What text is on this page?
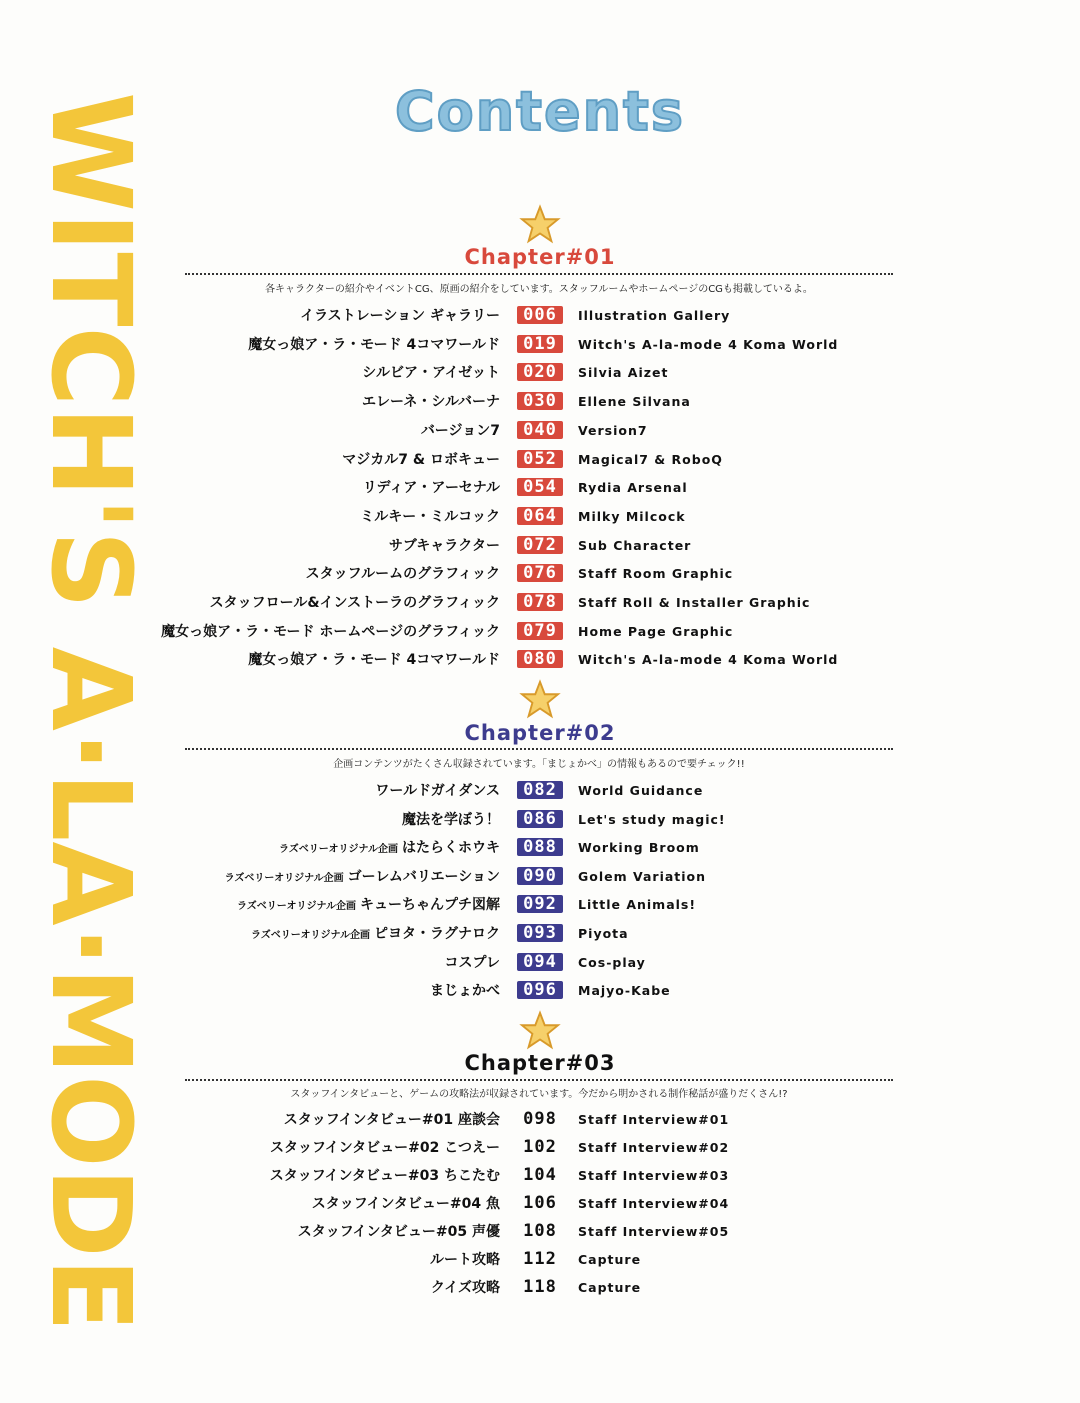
WITCH'S A·LA·MODE	Contents
Chapter#01
各キャラクターの紹介やイベントCG、原画の紹介をしています。スタッフルームやホームページのCGも掲載しているよ。
イラストレーション ギャラリー	006	Illustration Gallery
魔女っ娘ア・ラ・モード 4コマワールド	019	Witch's A-la-mode 4 Koma World
シルビア・アイゼット	020	Silvia Aizet
エレーネ・シルバーナ	030	Ellene Silvana
バージョン7	040	Version7
マジカル7 & ロボキュー	052	Magical7 & RoboQ
リディア・アーセナル	054	Rydia Arsenal
ミルキー・ミルコック	064	Milky Milcock
サブキャラクター	072	Sub Character
スタッフルームのグラフィック	076	Staff Room Graphic
スタッフロール&インストーラのグラフィック	078	Staff Roll & Installer Graphic
魔女っ娘ア・ラ・モード ホームページのグラフィック	079	Home Page Graphic
魔女っ娘ア・ラ・モード 4コマワールド	080	Witch's A-la-mode 4 Koma World
Chapter#02
企画コンテンツがたくさん収録されています。「まじょかべ」の情報もあるので要チェック!!
ワールドガイダンス	082	World Guidance
魔法を学ぼう！	086	Let's study magic!
ラズベリーオリジナル企画 はたらくホウキ	088	Working Broom
ラズベリーオリジナル企画 ゴーレムバリエーション	090	Golem Variation
ラズベリーオリジナル企画 キューちゃんプチ図解	092	Little Animals!
ラズベリーオリジナル企画 ピヨタ・ラグナロク	093	Piyota
コスプレ	094	Cos-play
まじょかべ	096	Majyo-Kabe
Chapter#03
スタッフインタビューと、ゲームの攻略法が収録されています。今だから明かされる制作秘話が盛りだくさん!?
スタッフインタビュー#01 座談会	098	Staff Interview#01
スタッフインタビュー#02 こつえー	102	Staff Interview#02
スタッフインタビュー#03 ちこたむ	104	Staff Interview#03
スタッフインタビュー#04 魚	106	Staff Interview#04
スタッフインタビュー#05 声優	108	Staff Interview#05
ルート攻略	112	Capture
クイズ攻略	118	Capture
